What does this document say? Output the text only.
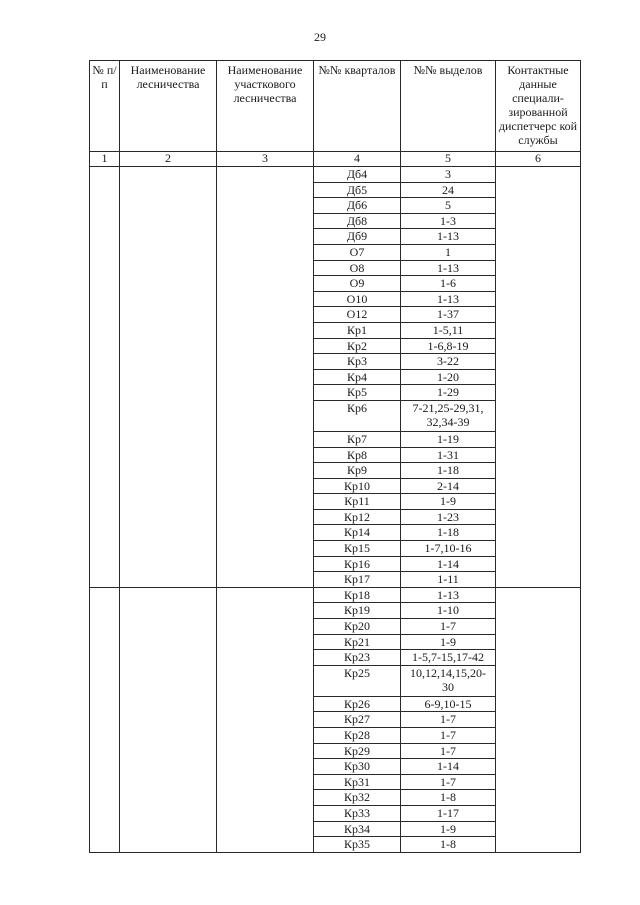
29
№ п/п	Наименование лесничества	Наименование участкового лесничества	№№ кварталов	№№ выделов	Контактные данные специали-зированной диспетчерс кой службы
1	2	3	4	5	6
			Дб4	3	
			Дб5	24	
			Дб6	5	
			Дб8	1-3	
			Дб9	1-13	
			О7	1	
			О8	1-13	
			О9	1-6	
			О10	1-13	
			О12	1-37	
			Кр1	1-5,11	
			Кр2	1-6,8-19	
			Кр3	3-22	
			Кр4	1-20	
			Кр5	1-29	
			Кр6	7-21,25-29,31, 32,34-39	
			Кр7	1-19	
			Кр8	1-31	
			Кр9	1-18	
			Кр10	2-14	
			Кр11	1-9	
			Кр12	1-23	
			Кр14	1-18	
			Кр15	1-7,10-16	
			Кр16	1-14	
			Кр17	1-11	
			Кр18	1-13	
			Кр19	1-10	
			Кр20	1-7	
			Кр21	1-9	
			Кр23	1-5,7-15,17-42	
			Кр25	10,12,14,15,20- 30	
			Кр26	6-9,10-15	
			Кр27	1-7	
			Кр28	1-7	
			Кр29	1-7	
			Кр30	1-14	
			Кр31	1-7	
			Кр32	1-8	
			Кр33	1-17	
			Кр34	1-9	
			Кр35	1-8	
